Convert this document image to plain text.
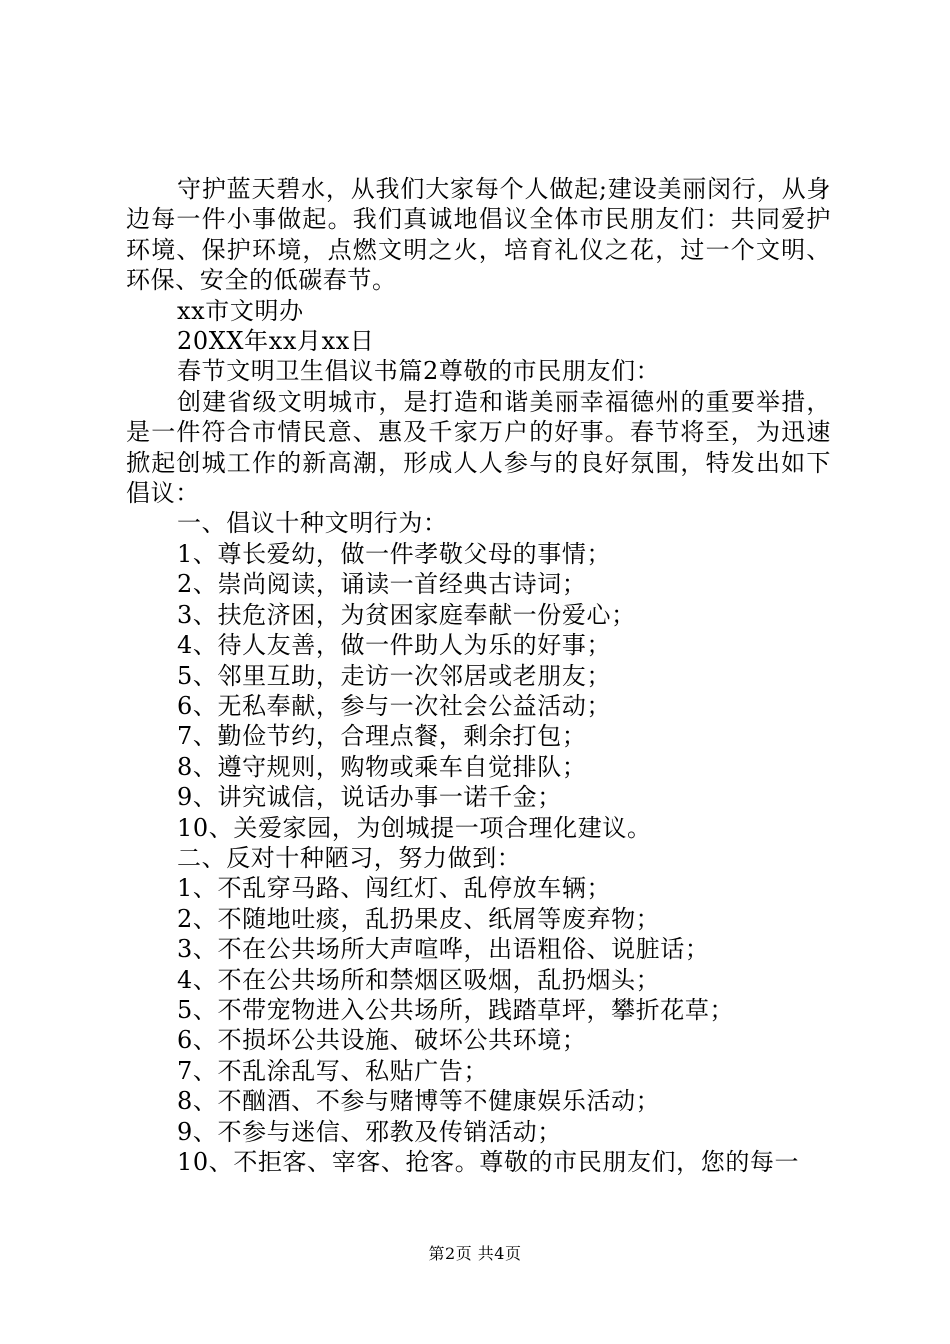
守护蓝天碧水，从我们大家每个人做起;建设美丽闵行，从身边每一件小事做起。我们真诚地倡议全体市民朋友们：共同爱护环境、保护环境，点燃文明之火，培育礼仪之花，过一个文明、环保、安全的低碳春节。

xx市文明办

20XX年xx月xx日

春节文明卫生倡议书篇2尊敬的市民朋友们：

创建省级文明城市，是打造和谐美丽幸福德州的重要举措，是一件符合市情民意、惠及千家万户的好事。春节将至，为迅速掀起创城工作的新高潮，形成人人参与的良好氛围，特发出如下倡议：

一、倡议十种文明行为：

1、尊长爱幼，做一件孝敬父母的事情；

2、崇尚阅读，诵读一首经典古诗词；

3、扶危济困，为贫困家庭奉献一份爱心；

4、待人友善，做一件助人为乐的好事；

5、邻里互助，走访一次邻居或老朋友；

6、无私奉献，参与一次社会公益活动；

7、勤俭节约，合理点餐，剩余打包；

8、遵守规则，购物或乘车自觉排队；

9、讲究诚信，说话办事一诺千金；

10、关爱家园，为创城提一项合理化建议。

二、反对十种陋习，努力做到：

1、不乱穿马路、闯红灯、乱停放车辆；

2、不随地吐痰，乱扔果皮、纸屑等废弃物；

3、不在公共场所大声喧哗，出语粗俗、说脏话；

4、不在公共场所和禁烟区吸烟，乱扔烟头；

5、不带宠物进入公共场所，践踏草坪，攀折花草；

6、不损坏公共设施、破坏公共环境；

7、不乱涂乱写、私贴广告；

8、不酗酒、不参与赌博等不健康娱乐活动；

9、不参与迷信、邪教及传销活动；

10、不拒客、宰客、抢客。尊敬的市民朋友们，您的每一

第2页 共4页
